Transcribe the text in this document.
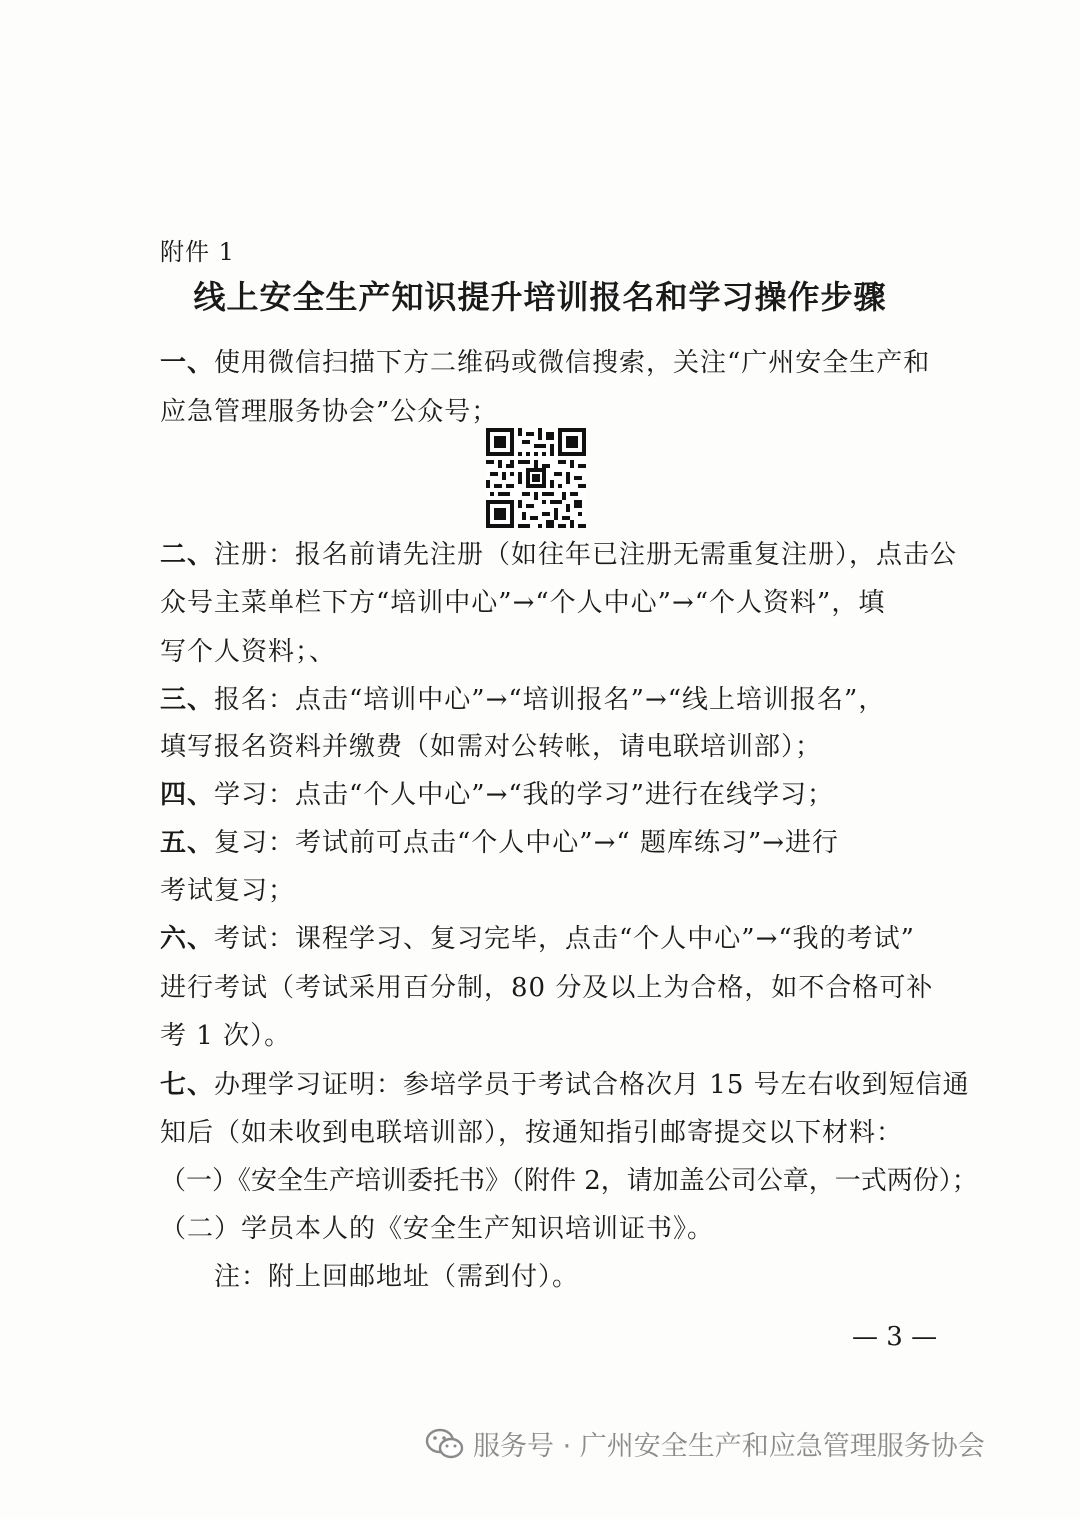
附件 1
线上安全生产知识提升培训报名和学习操作步骤
一、使用微信扫描下方二维码或微信搜索，关注“广州安全生产和
应急管理服务协会”公众号；
二、注册：报名前请先注册（如往年已注册无需重复注册），点击公
众号主菜单栏下方“培训中心”→“个人中心”→“个人资料”，填
写个人资料；、
三、报名：点击“培训中心”→“培训报名”→“线上培训报名”，
填写报名资料并缴费（如需对公转帐，请电联培训部）；
四、学习：点击“个人中心”→“我的学习”进行在线学习；
五、复习：考试前可点击“个人中心”→“ 题库练习”→进行
考试复习；
六、考试：课程学习、复习完毕，点击“个人中心”→“我的考试”
进行考试（考试采用百分制，80 分及以上为合格，如不合格可补
考 1 次）。
七、办理学习证明：参培学员于考试合格次月 15 号左右收到短信通
知后（如未收到电联培训部），按通知指引邮寄提交以下材料：
（一）《安全生产培训委托书》（附件 2，请加盖公司公章，一式两份）；
（二）学员本人的《安全生产知识培训证书》。
注：附上回邮地址（需到付）。
— 3 —
服务号 · 广州安全生产和应急管理服务协会
